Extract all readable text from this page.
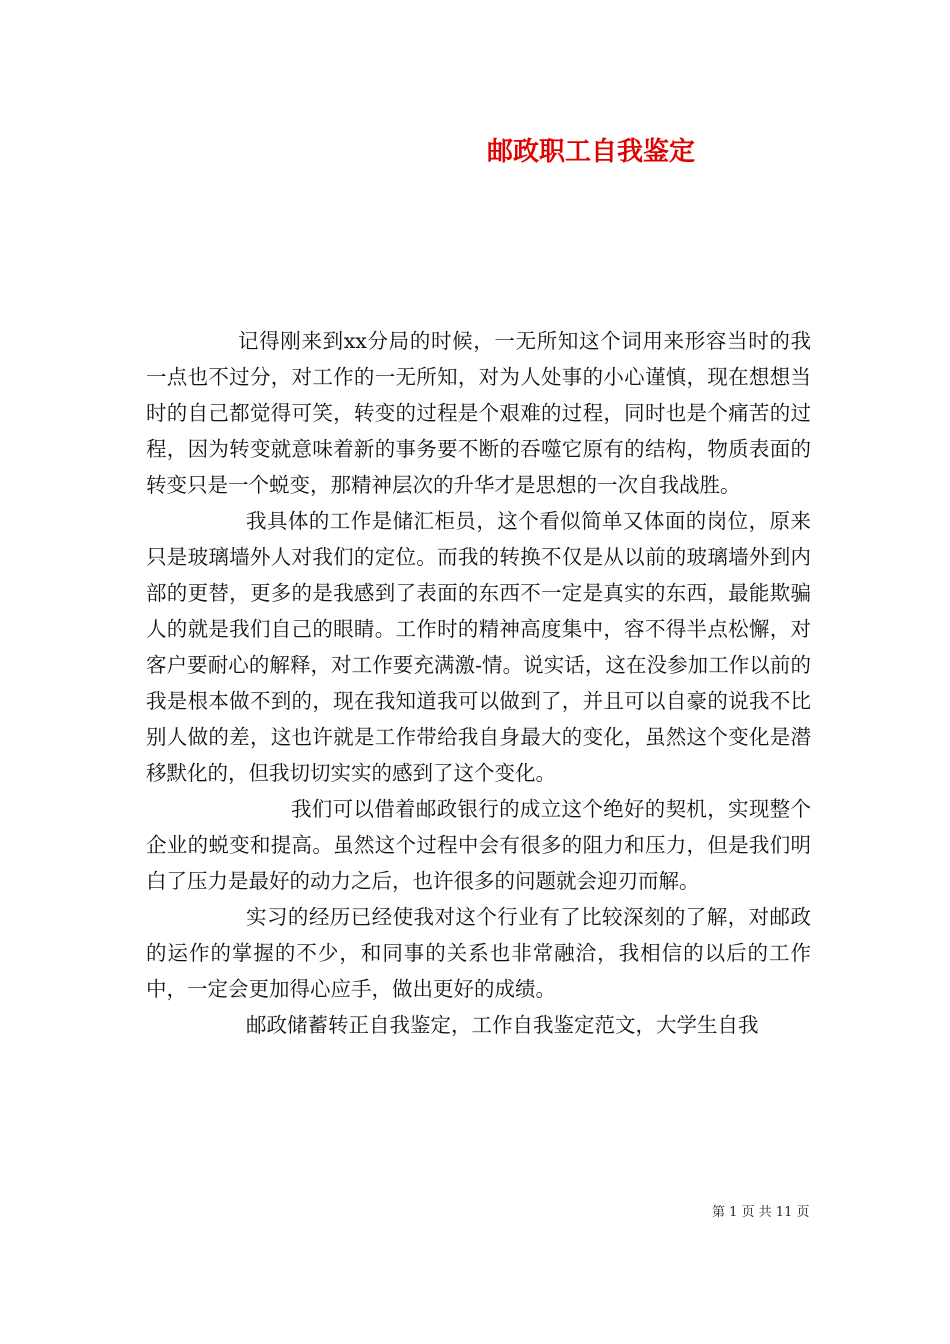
邮政职工自我鉴定

记得刚来到xx分局的时候，一无所知这个词用来形容当时的我一点也不过分，对工作的一无所知，对为人处事的小心谨慎，现在想想当时的自己都觉得可笑，转变的过程是个艰难的过程，同时也是个痛苦的过程，因为转变就意味着新的事务要不断的吞噬它原有的结构，物质表面的转变只是一个蜕变，那精神层次的升华才是思想的一次自我战胜。

我具体的工作是储汇柜员，这个看似简单又体面的岗位，原来只是玻璃墙外人对我们的定位。而我的转换不仅是从以前的玻璃墙外到内部的更替，更多的是我感到了表面的东西不一定是真实的东西，最能欺骗人的就是我们自己的眼睛。工作时的精神高度集中，容不得半点松懈，对客户要耐心的解释，对工作要充满激-情。说实话，这在没参加工作以前的我是根本做不到的，现在我知道我可以做到了，并且可以自豪的说我不比别人做的差，这也许就是工作带给我自身最大的变化，虽然这个变化是潜移默化的，但我切切实实的感到了这个变化。

我们可以借着邮政银行的成立这个绝好的契机，实现整个企业的蜕变和提高。虽然这个过程中会有很多的阻力和压力，但是我们明白了压力是最好的动力之后，也许很多的问题就会迎刃而解。

实习的经历已经使我对这个行业有了比较深刻的了解，对邮政的运作的掌握的不少，和同事的关系也非常融洽，我相信的以后的工作中，一定会更加得心应手，做出更好的成绩。

邮政储蓄转正自我鉴定，工作自我鉴定范文，大学生自我

第 1 页 共 11 页
